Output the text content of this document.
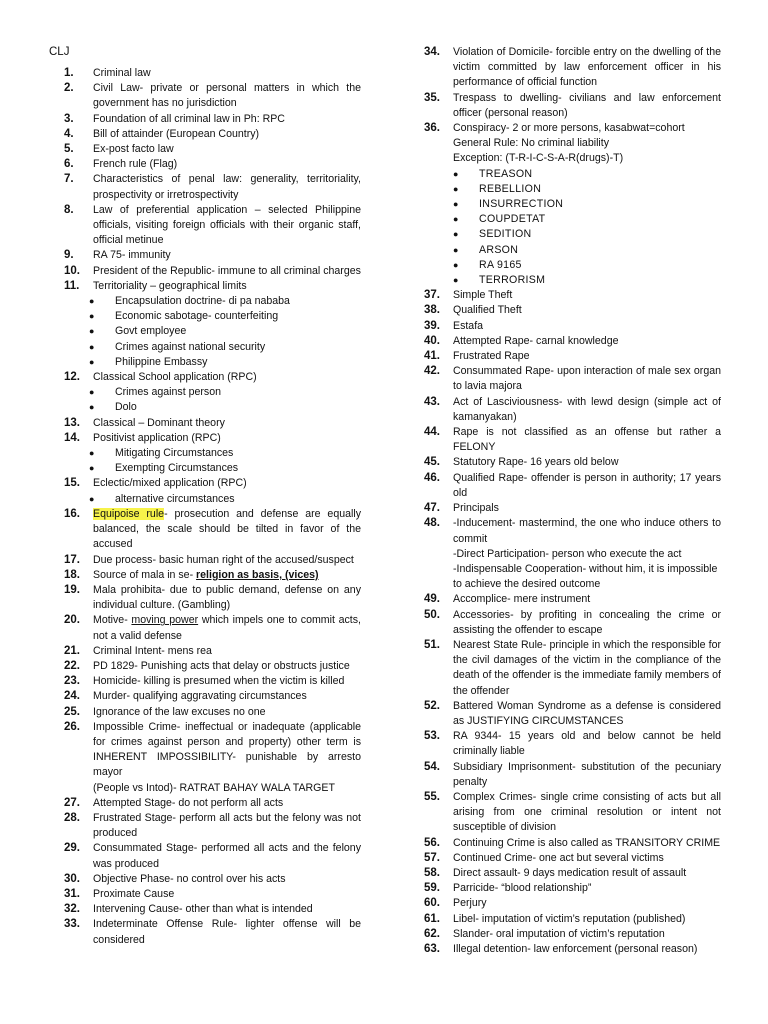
CLJ
1.	Criminal law
2.	Civil Law- private or personal matters in which the government has no jurisdiction
3.	Foundation of all criminal law in Ph: RPC
4.	Bill of attainder (European Country)
5.	Ex-post facto law
6.	French rule (Flag)
7.	Characteristics of penal law: generality, territoriality, prospectivity or irretrospectivity
8.	Law of preferential application – selected Philippine officials, visiting foreign officials with their organic staff, official metinue
9.	RA 75- immunity
10.	President of the Republic- immune to all criminal charges
11.	Territoriality – geographical limits
●	Encapsulation doctrine- di pa nababa
●	Economic sabotage- counterfeiting
●	Govt employee
●	Crimes against national security
●	Philippine Embassy
12.	Classical School application (RPC)
●	Crimes against person
●	Dolo
13.	Classical – Dominant theory
14.	Positivist application (RPC)
●	Mitigating Circumstances
●	Exempting Circumstances
15.	Eclectic/mixed application (RPC)
●	alternative circumstances
16.	Equipoise rule- prosecution and defense are equally balanced, the scale should be tilted in favor of the accused
17.	Due process- basic human right of the accused/suspect
18.	Source of mala in se- religion as basis, (vices)
19.	Mala prohibita- due to public demand, defense on any individual culture. (Gambling)
20.	Motive- moving power which impels one to commit acts, not a valid defense
21.	Criminal Intent- mens rea
22.	PD 1829- Punishing acts that delay or obstructs justice
23.	Homicide- killing is presumed when the victim is killed
24.	Murder- qualifying aggravating circumstances
25.	Ignorance of the law excuses no one
26.	Impossible Crime- ineffectual or inadequate (applicable for crimes against person and property) other term is INHERENT IMPOSSIBILITY- punishable by arresto mayor
(People vs Intod)- RATRAT BAHAY WALA TARGET
27.	Attempted Stage- do not perform all acts
28.	Frustrated Stage- perform all acts but the felony was not produced
29.	Consummated Stage- performed all acts and the felony was produced
30.	Objective Phase- no control over his acts
31.	Proximate Cause
32.	Intervening Cause- other than what is intended
33.	Indeterminate Offense Rule- lighter offense will be considered
34.	Violation of Domicile- forcible entry on the dwelling of the victim committed by law enforcement officer in his performance of official function
35.	Trespass to dwelling- civilians and law enforcement officer (personal reason)
36.	Conspiracy- 2 or more persons, kasabwat=cohort
General Rule: No criminal liability
Exception: (T-R-I-C-S-A-R(drugs)-T)
●	TREASON
●	REBELLION
●	INSURRECTION
●	COUPDETAT
●	SEDITION
●	ARSON
●	RA 9165
●	TERRORISM
37.	Simple Theft
38.	Qualified Theft
39.	Estafa
40.	Attempted Rape- carnal knowledge
41.	Frustrated Rape
42.	Consummated Rape- upon interaction of male sex organ to lavia majora
43.	Act of Lasciviousness- with lewd design (simple act of kamanyakan)
44.	Rape is not classified as an offense but rather a FELONY
45.	Statutory Rape- 16 years old below
46.	Qualified Rape- offender is person in authority; 17 years old
47.	Principals
48.	-Inducement- mastermind, the one who induce others to commit
-Direct Participation- person who execute the act
-Indispensable Cooperation- without him, it is impossible to achieve the desired outcome
49.	Accomplice- mere instrument
50.	Accessories- by profiting in concealing the crime or assisting the offender to escape
51.	Nearest State Rule- principle in which the responsible for the civil damages of the victim in the compliance of the death of the offender is the immediate family members of the offender
52.	Battered Woman Syndrome as a defense is considered as JUSTIFYING CIRCUMSTANCES
53.	RA 9344- 15 years old and below cannot be held criminally liable
54.	Subsidiary Imprisonment- substitution of the pecuniary penalty
55.	Complex Crimes- single crime consisting of acts but all arising from one criminal resolution or intent not susceptible of division
56.	Continuing Crime is also called as TRANSITORY CRIME
57.	Continued Crime- one act but several victims
58.	Direct assault- 9 days medication result of assault
59.	Parricide- “blood relationship”
60.	Perjury
61.	Libel- imputation of victim’s reputation (published)
62.	Slander- oral imputation of victim’s reputation
63.	Illegal detention- law enforcement (personal reason)
